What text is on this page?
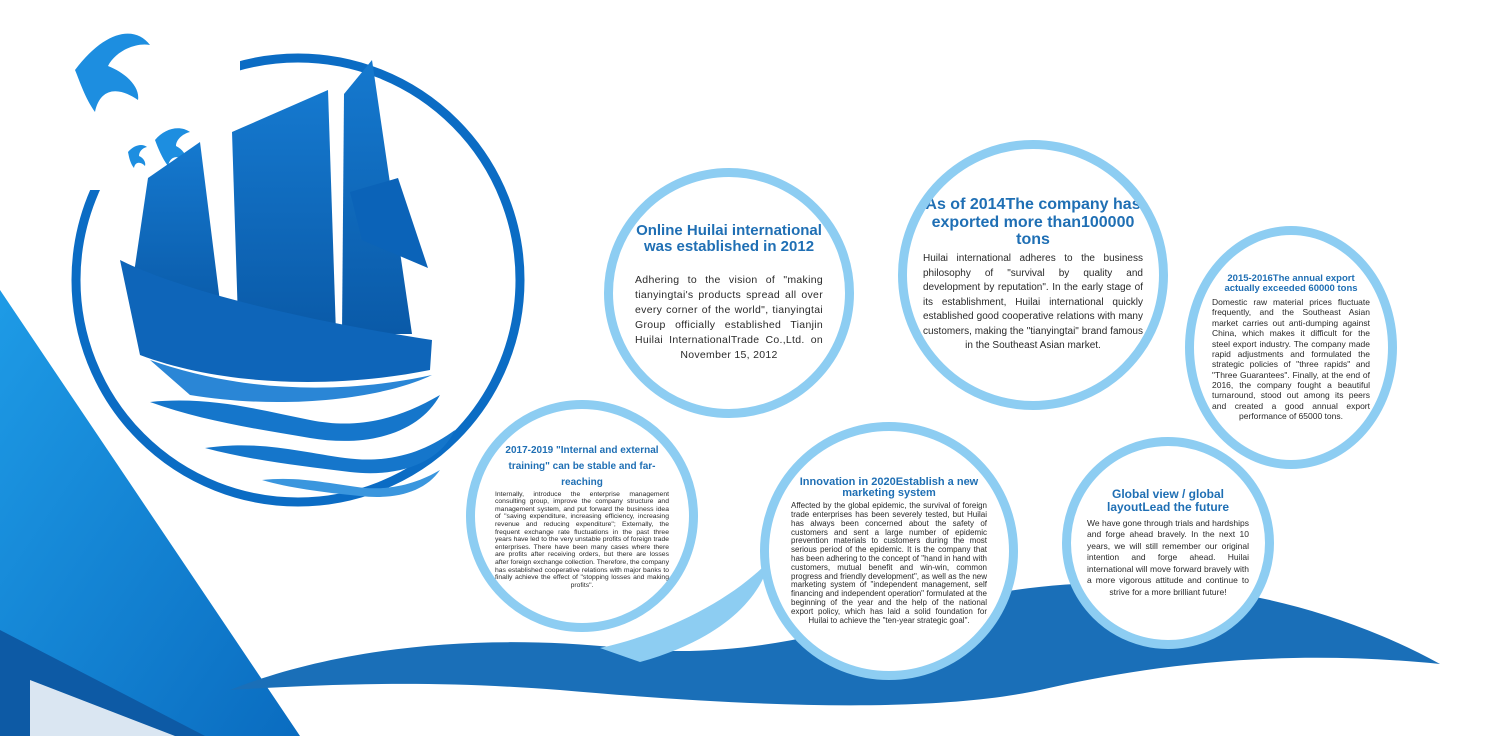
Online Huilai international was established in 2012
Adhering to the vision of "making tianyingtai's products spread all over every corner of the world", tianyingtai Group officially established Tianjin Huilai InternationalTrade Co.,Ltd. on November 15, 2012
As of 2014The company has exported more than100000 tons
Huilai international adheres to the business philosophy of "survival by quality and development by reputation". In the early stage of its establishment, Huilai international quickly established good cooperative relations with many customers, making the "tianyingtai" brand famous in the Southeast Asian market.
2015-2016The annual export actually exceeded 60000 tons
Domestic raw material prices fluctuate frequently, and the Southeast Asian market carries out anti-dumping against China, which makes it difficult for the steel export industry. The company made rapid adjustments and formulated the strategic policies of "three rapids" and "Three Guarantees". Finally, at the end of 2016, the company fought a beautiful turnaround, stood out among its peers and created a good annual export performance of 65000 tons.
2017-2019 "Internal and external training" can be stable and far-reaching
Internally, introduce the enterprise management consulting group, improve the company structure and management system, and put forward the business idea of "saving expenditure, increasing efficiency, increasing revenue and reducing expenditure"; Externally, the frequent exchange rate fluctuations in the past three years have led to the very unstable profits of foreign trade enterprises. There have been many cases where there are profits after receiving orders, but there are losses after foreign exchange collection. Therefore, the company has established cooperative relations with major banks to finally achieve the effect of "stopping losses and making profits".
Innovation in 2020Establish a new marketing system
Affected by the global epidemic, the survival of foreign trade enterprises has been severely tested, but Huilai has always been concerned about the safety of customers and sent a large number of epidemic prevention materials to customers during the most serious period of the epidemic. It is the company that has been adhering to the concept of "hand in hand with customers, mutual benefit and win-win, common progress and friendly development", as well as the new marketing system of "independent management, self financing and independent operation" formulated at the beginning of the year and the help of the national export policy, which has laid a solid foundation for Huilai to achieve the "ten-year strategic goal".
Global view / global layoutLead the future
We have gone through trials and hardships and forge ahead bravely. In the next 10 years, we will still remember our original intention and forge ahead. Huilai international will move forward bravely with a more vigorous attitude and continue to strive for a more brilliant future!
